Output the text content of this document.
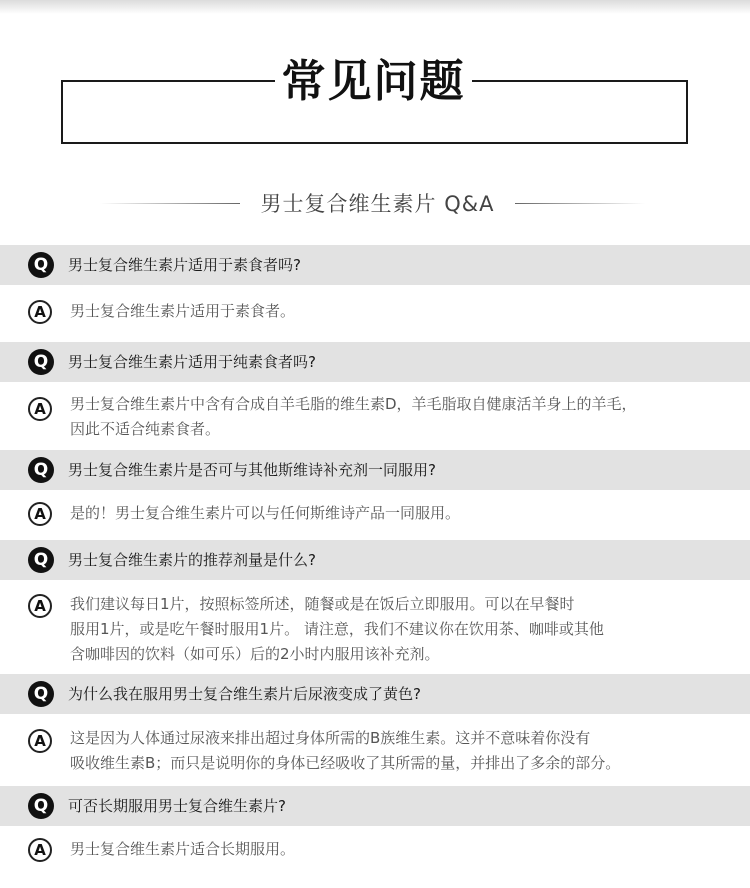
常见问题
男士复合维生素片 Q&A
Q	男士复合维生素片适用于素食者吗?
A	男士复合维生素片适用于素食者。
Q	男士复合维生素片适用于纯素食者吗?
A	男士复合维生素片中含有合成自羊毛脂的维生素D，羊毛脂取自健康活羊身上的羊毛，
因此不适合纯素食者。
Q	男士复合维生素片是否可与其他斯维诗补充剂一同服用?
A	是的！男士复合维生素片可以与任何斯维诗产品一同服用。
Q	男士复合维生素片的推荐剂量是什么?
A	我们建议每日1片，按照标签所述，随餐或是在饭后立即服用。可以在早餐时
服用1片，或是吃午餐时服用1片。 请注意，我们不建议你在饮用茶、咖啡或其他
含咖啡因的饮料（如可乐）后的2小时内服用该补充剂。
Q	为什么我在服用男士复合维生素片后尿液变成了黄色?
A	这是因为人体通过尿液来排出超过身体所需的B族维生素。这并不意味着你没有
吸收维生素B；而只是说明你的身体已经吸收了其所需的量，并排出了多余的部分。
Q	可否长期服用男士复合维生素片?
A	男士复合维生素片适合长期服用。
